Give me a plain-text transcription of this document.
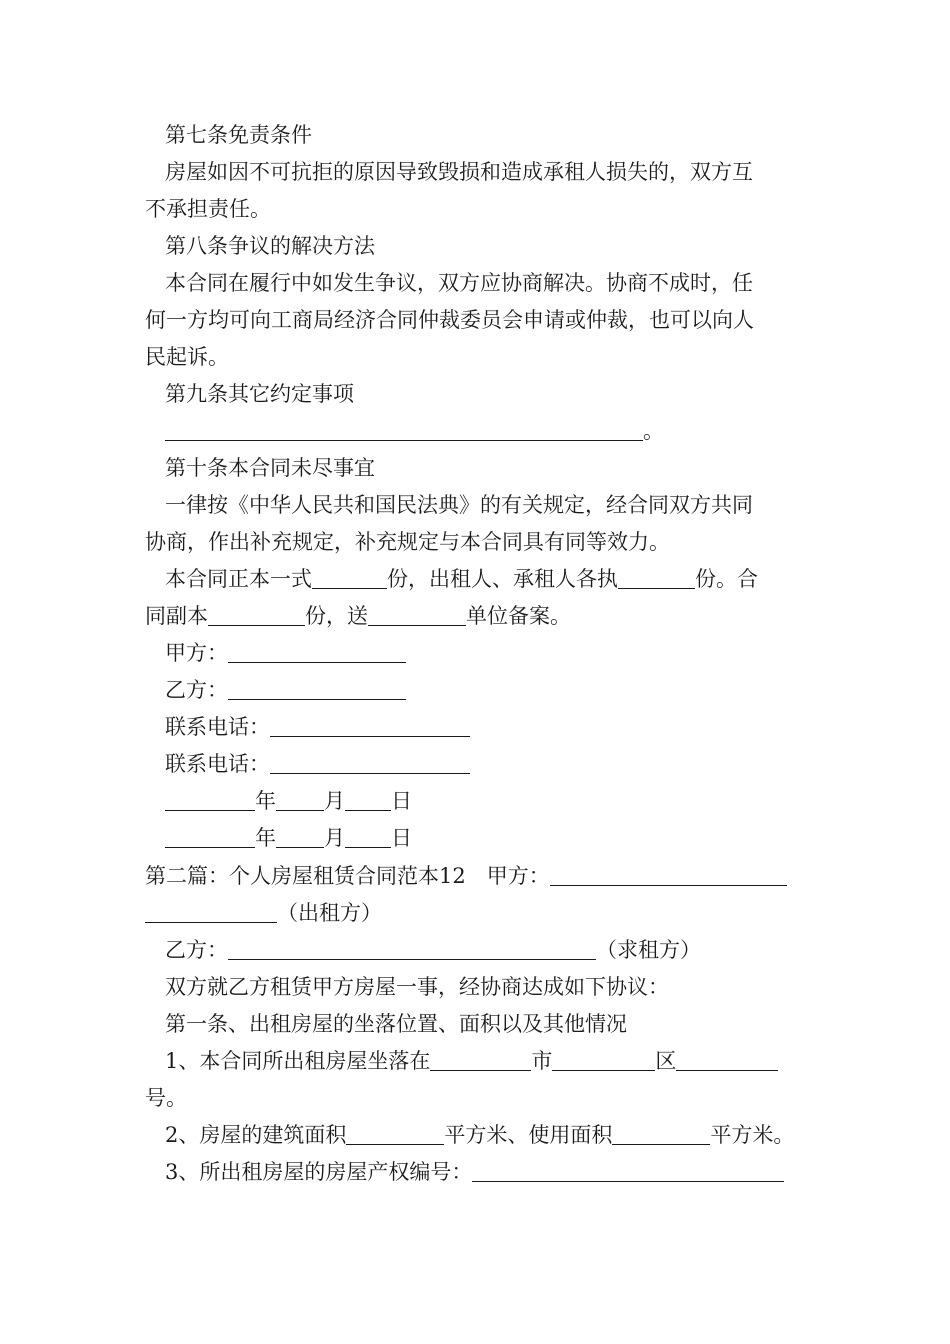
第七条免责条件
房屋如因不可抗拒的原因导致毁损和造成承租人损失的，双方互
不承担责任。
第八条争议的解决方法
本合同在履行中如发生争议，双方应协商解决。协商不成时，任
何一方均可向工商局经济合同仲裁委员会申请或仲裁，也可以向人
民起诉。
第九条其它约定事项
。
第十条本合同未尽事宜
一律按《中华人民共和国民法典》的有关规定，经合同双方共同
协商，作出补充规定，补充规定与本合同具有同等效力。
本合同正本一式	份，出租人、承租人各执	份。合
同副本	份，送	单位备案。
甲方：
乙方：
联系电话：
联系电话：
年 月 日
年 月 日
第二篇：个人房屋租赁合同范本12 甲方：
（出租方）
乙方：	（求租方）
双方就乙方租赁甲方房屋一事，经协商达成如下协议：
第一条、出租房屋的坐落位置、面积以及其他情况
1、本合同所出租房屋坐落在	市	区
号。
2、房屋的建筑面积	平方米、使用面积	平方米。
3、所出租房屋的房屋产权编号：
